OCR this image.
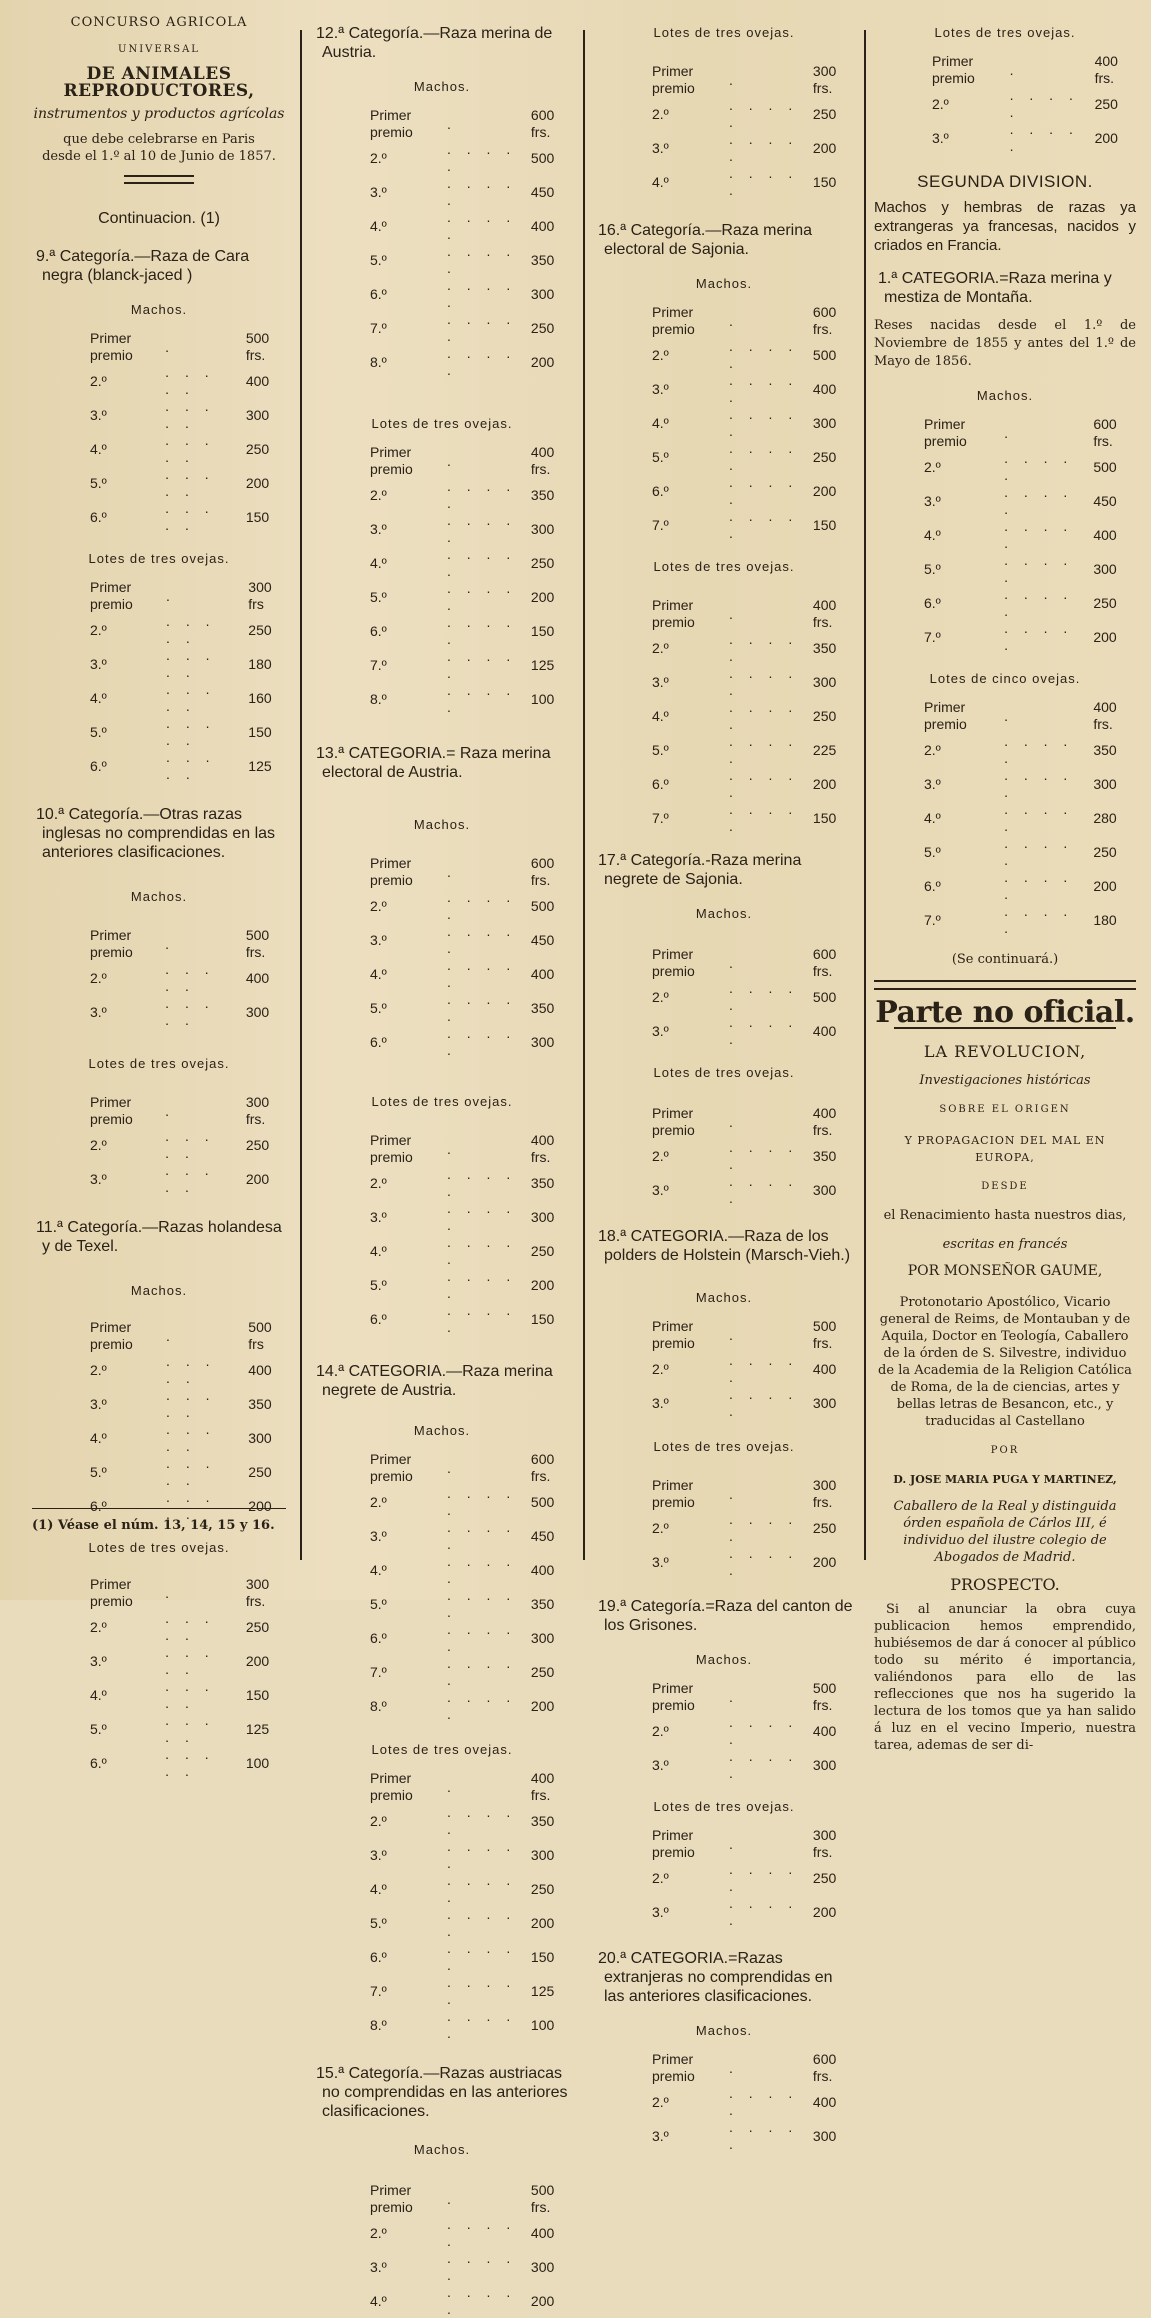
CONCURSO AGRICOLA
UNIVERSAL
DE ANIMALES REPRODUCTORES,
instrumentos y productos agrícolas
que debe celebrarse en Paris
desde el 1.º al 10 de Junio de 1857.
Continuacion. (1)
9.ª Categoría.—Raza de Cara negra (blanck-jaced )
Machos.
Primer premio	.	500 frs.
2.º	. . . . .	400
3.º	. . . . .	300
4.º	. . . . .	250
5.º	. . . . .	200
6.º	. . . . .	150
Lotes de tres ovejas.
Primer premio	.	300 frs
2.º	. . . . .	250
3.º	. . . . .	180
4.º	. . . . .	160
5.º	. . . . .	150
6.º	. . . . .	125
10.ª Categoría.—Otras razas inglesas no comprendidas en las anteriores clasificaciones.
Machos.
Primer premio	.	500 frs.
2.º	. . . . .	400
3.º	. . . . .	300
Lotes de tres ovejas.
Primer premio	.	300 frs.
2.º	. . . . .	250
3.º	. . . . .	200
11.ª Categoría.—Razas holandesa y de Texel.
Machos.
Primer premio	.	500 frs
2.º	. . . . .	400
3.º	. . . . .	350
4.º	. . . . .	300
5.º	. . . . .	250
6.º	. . . . .	200
Lotes de tres ovejas.
Primer premio	.	300 frs.
2.º	. . . . .	250
3.º	. . . . .	200
4.º	. . . . .	150
5.º	. . . . .	125
6.º	. . . . .	100
(1) Véase el núm. 13, 14, 15 y 16.
12.ª Categoría.—Raza merina de Austria.
Machos.
Primer premio	.	600 frs.
2.º	. . . . .	500
3.º	. . . . .	450
4.º	. . . . .	400
5.º	. . . . .	350
6.º	. . . . .	300
7.º	. . . . .	250
8.º	. . . . .	200
Lotes de tres ovejas.
Primer premio	.	400 frs.
2.º	. . . . .	350
3.º	. . . . .	300
4.º	. . . . .	250
5.º	. . . . .	200
6.º	. . . . .	150
7.º	. . . . .	125
8.º	. . . . .	100
13.ª CATEGORIA.= Raza merina electoral de Austria.
Machos.
Primer premio	.	600 frs.
2.º	. . . . .	500
3.º	. . . . .	450
4.º	. . . . .	400
5.º	. . . . .	350
6.º	. . . . .	300
Lotes de tres ovejas.
Primer premio	.	400 frs.
2.º	. . . . .	350
3.º	. . . . .	300
4.º	. . . . .	250
5.º	. . . . .	200
6.º	. . . . .	150
14.ª CATEGORIA.—Raza merina negrete de Austria.
Machos.
Primer premio	.	600 frs.
2.º	. . . . .	500
3.º	. . . . .	450
4.º	. . . . .	400
5.º	. . . . .	350
6.º	. . . . .	300
7.º	. . . . .	250
8.º	. . . . .	200
Lotes de tres ovejas.
Primer premio	.	400 frs.
2.º	. . . . .	350
3.º	. . . . .	300
4.º	. . . . .	250
5.º	. . . . .	200
6.º	. . . . .	150
7.º	. . . . .	125
8.º	. . . . .	100
15.ª Categoría.—Razas austriacas no comprendidas en las anteriores clasificaciones.
Machos.
Primer premio	.	500 frs.
2.º	. . . . .	400
3.º	. . . . .	300
4.º	. . . . .	200
Lotes de tres ovejas.
Primer premio	.	300 frs.
2.º	. . . . .	250
3.º	. . . . .	200
4.º	. . . . .	150
16.ª Categoría.—Raza merina electoral de Sajonia.
Machos.
Primer premio	.	600 frs.
2.º	. . . . .	500
3.º	. . . . .	400
4.º	. . . . .	300
5.º	. . . . .	250
6.º	. . . . .	200
7.º	. . . . .	150
Lotes de tres ovejas.
Primer premio	.	400 frs.
2.º	. . . . .	350
3.º	. . . . .	300
4.º	. . . . .	250
5.º	. . . . .	225
6.º	. . . . .	200
7.º	. . . . .	150
17.ª Categoría.-Raza merina negrete de Sajonia.
Machos.
Primer premio	.	600 frs.
2.º	. . . . .	500
3.º	. . . . .	400
Lotes de tres ovejas.
Primer premio	.	400 frs.
2.º	. . . . .	350
3.º	. . . . .	300
18.ª CATEGORIA.—Raza de los polders de Holstein (Marsch-Vieh.)
Machos.
Primer premio	.	500 frs.
2.º	. . . . .	400
3.º	. . . . .	300
Lotes de tres ovejas.
Primer premio	.	300 frs.
2.º	. . . . .	250
3.º	. . . . .	200
19.ª Categoría.=Raza del canton de los Grisones.
Machos.
Primer premio	.	500 frs.
2.º	. . . . .	400
3.º	. . . . .	300
Lotes de tres ovejas.
Primer premio	.	300 frs.
2.º	. . . . .	250
3.º	. . . . .	200
20.ª CATEGORIA.=Razas extranjeras no comprendidas en las anteriores clasificaciones.
Machos.
Primer premio	.	600 frs.
2.º	. . . . .	400
3.º	. . . . .	300
Lotes de tres ovejas.
Primer premio	.	400 frs.
2.º	. . . . .	250
3.º	. . . . .	200
SEGUNDA DIVISION.
Machos y hembras de razas ya extrangeras ya francesas, nacidos y criados en Francia.
1.ª CATEGORIA.=Raza merina y mestiza de Montaña.
Reses nacidas desde el 1.º de Noviembre de 1855 y antes del 1.º de Mayo de 1856.
Machos.
Primer premio	.	600 frs.
2.º	. . . . .	500
3.º	. . . . .	450
4.º	. . . . .	400
5.º	. . . . .	300
6.º	. . . . .	250
7.º	. . . . .	200
Lotes de cinco ovejas.
Primer premio	.	400 frs.
2.º	. . . . .	350
3.º	. . . . .	300
4.º	. . . . .	280
5.º	. . . . .	250
6.º	. . . . .	200
7.º	. . . . .	180
(Se continuará.)
Parte no oficial.
LA REVOLUCION,
Investigaciones históricas
SOBRE EL ORIGEN
Y PROPAGACION DEL MAL EN EUROPA,
DESDE
el Renacimiento hasta nuestros dias,
escritas en francés
POR MONSEÑOR GAUME,
Protonotario Apostólico, Vicario general de Reims, de Montauban y de Aquila, Doctor en Teología, Caballero de la órden de S. Silvestre, individuo de la Academia de la Religion Católica de Roma, de la de ciencias, artes y bellas letras de Besancon, etc., y traducidas al Castellano
POR
D. JOSE MARIA PUGA Y MARTINEZ,
Caballero de la Real y distinguida órden española de Cárlos III, é individuo del ilustre colegio de Abogados de Madrid.
PROSPECTO.
Si al anunciar la obra cuya publicacion hemos emprendido, hubiésemos de dar á conocer al público todo su mérito é importancia, valiéndonos para ello de las reflecciones que nos ha sugerido la lectura de los tomos que ya han salido á luz en el vecino Imperio, nuestra tarea, ademas de ser di-
